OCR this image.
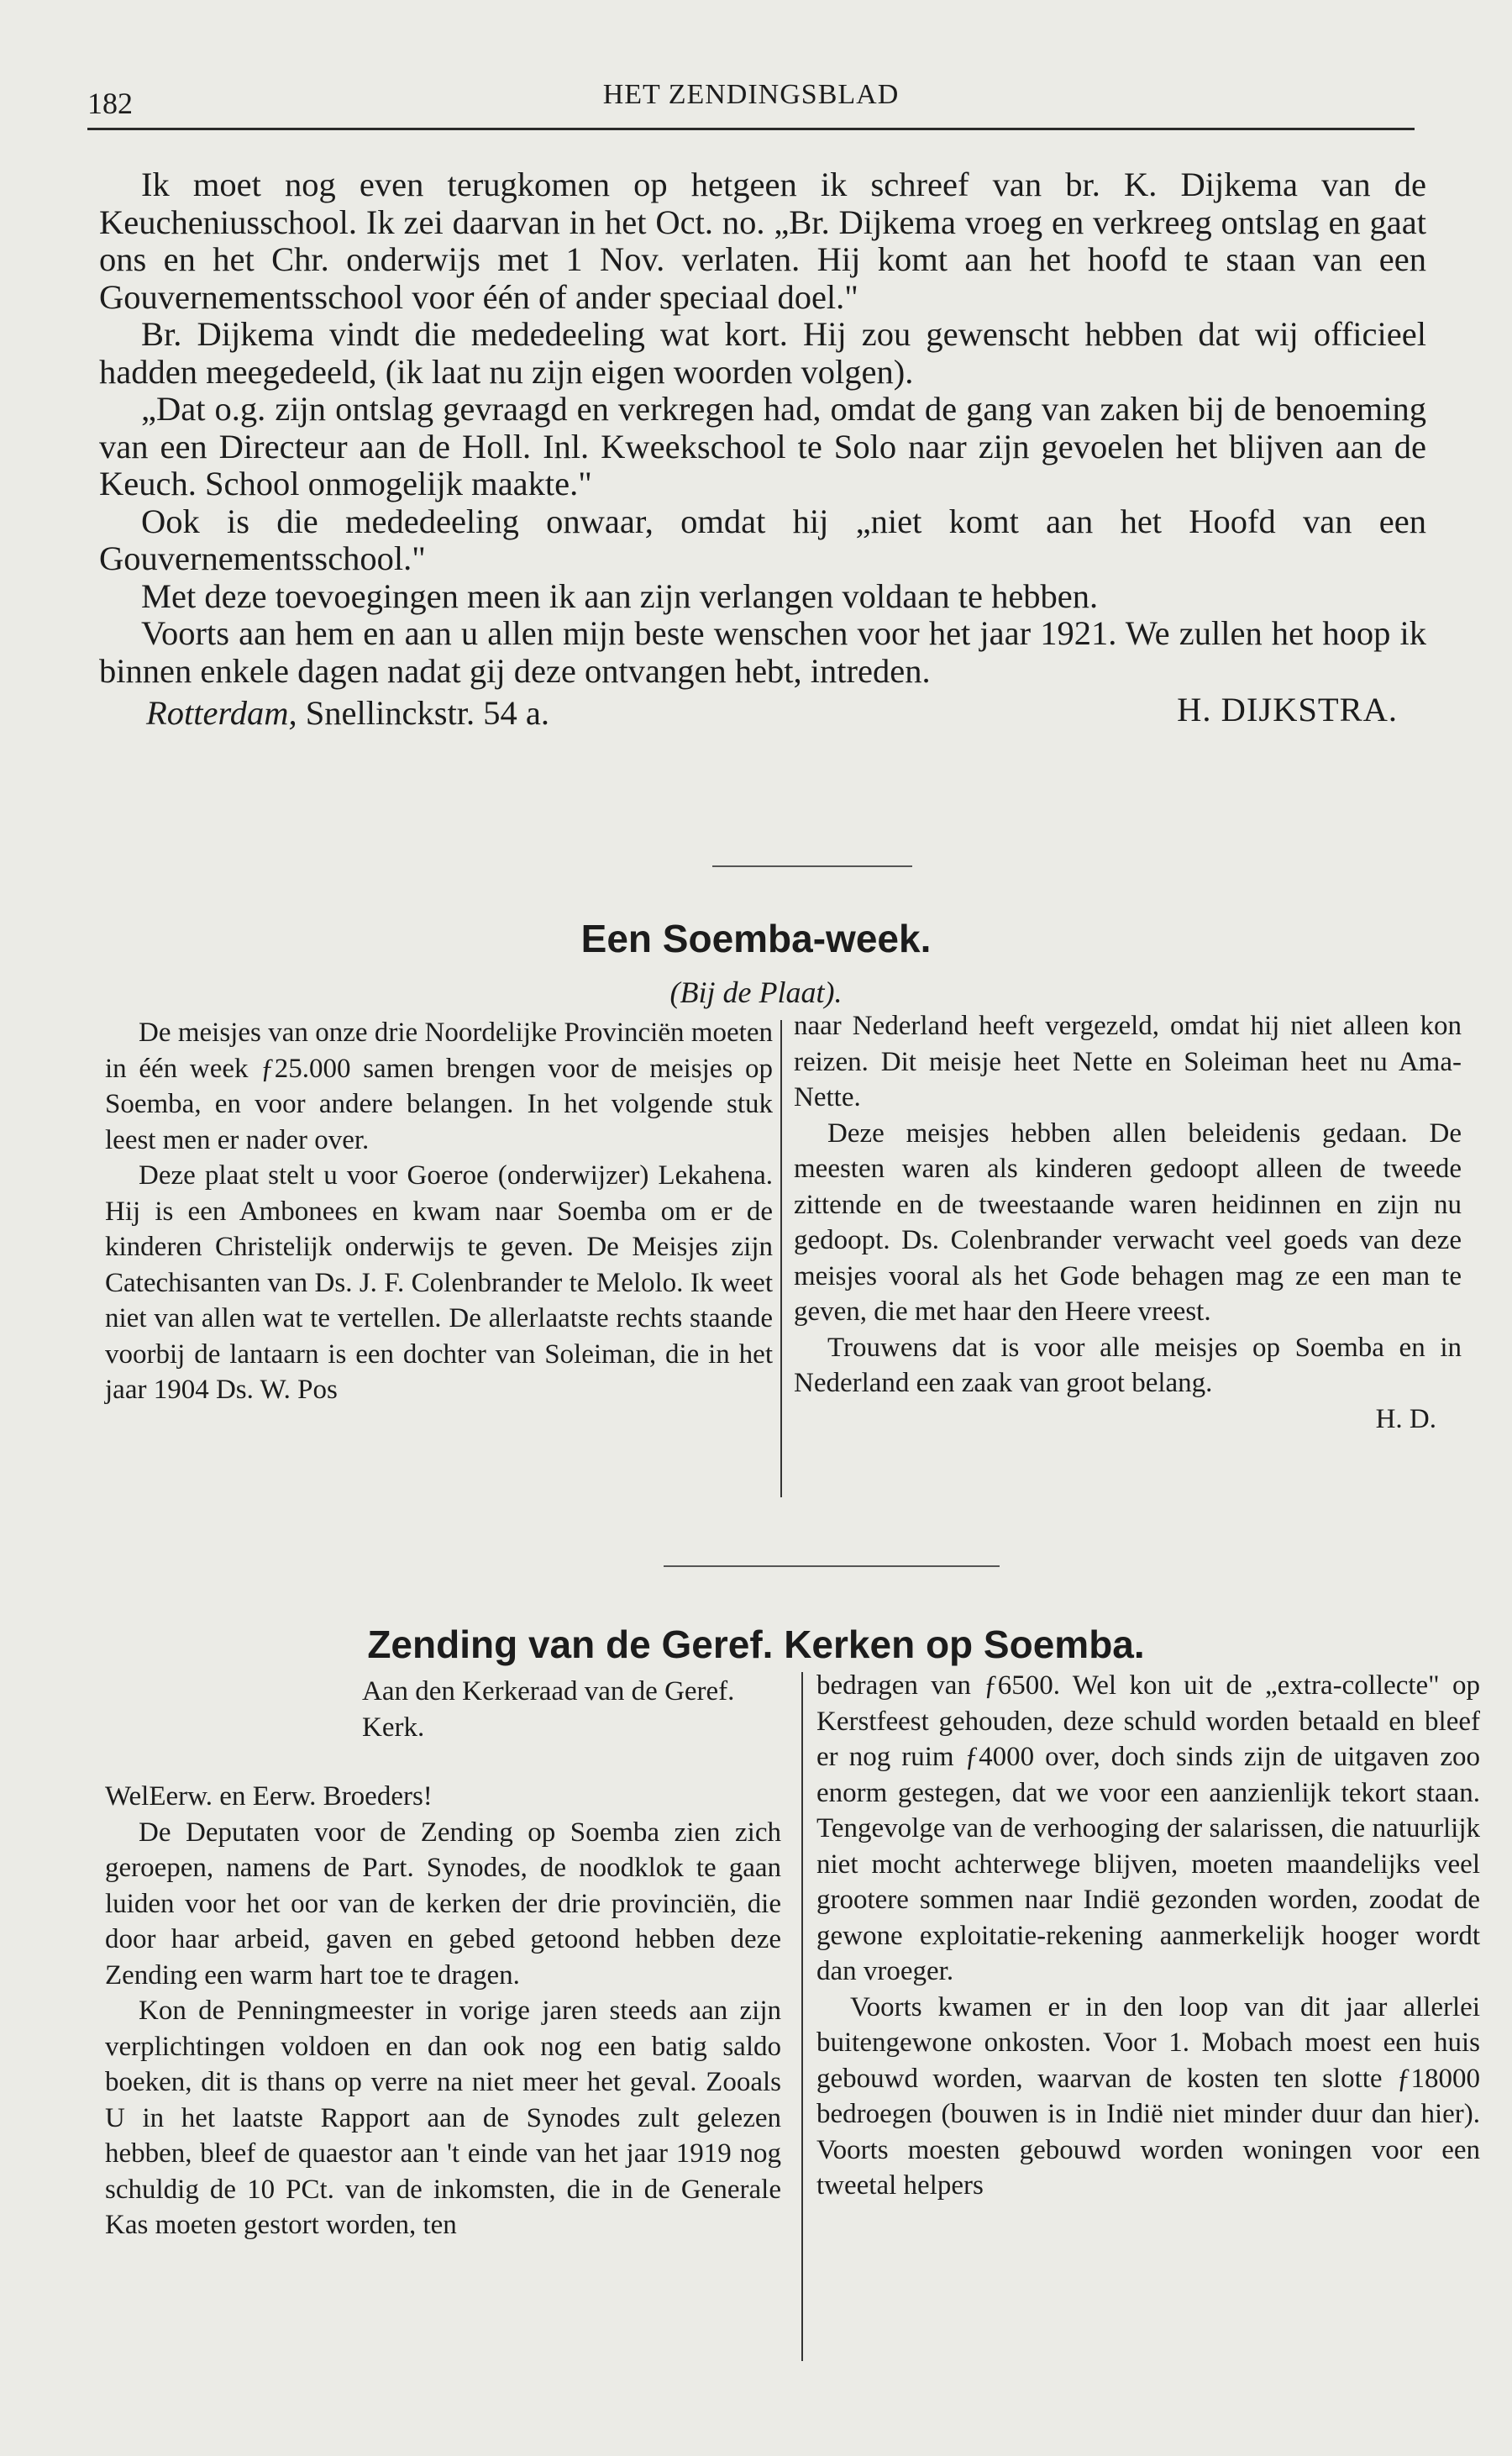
182	HET ZENDINGSBLAD

Ik moet nog even terugkomen op hetgeen ik schreef van br. K. Dijkema van de Keucheniusschool. Ik zei daarvan in het Oct. no. „Br. Dijkema vroeg en verkreeg ontslag en gaat ons en het Chr. onderwijs met 1 Nov. verlaten. Hij komt aan het hoofd te staan van een Gouvernementsschool voor één of ander speciaal doel."

Br. Dijkema vindt die mededeeling wat kort. Hij zou gewenscht hebben dat wij officieel hadden meegedeeld, (ik laat nu zijn eigen woorden volgen).

„Dat o.g. zijn ontslag gevraagd en verkregen had, omdat de gang van zaken bij de benoeming van een Directeur aan de Holl. Inl. Kweekschool te Solo naar zijn gevoelen het blijven aan de Keuch. School onmogelijk maakte."

Ook is die mededeeling onwaar, omdat hij „niet komt aan het Hoofd van een Gouvernementsschool."

Met deze toevoegingen meen ik aan zijn verlangen voldaan te hebben.

Voorts aan hem en aan u allen mijn beste wenschen voor het jaar 1921. We zullen het hoop ik binnen enkele dagen nadat gij deze ontvangen hebt, intreden.

Rotterdam, Snellinckstr. 54 a.	H. DIJKSTRA.
Een Soemba-week.
(Bij de Plaat).

De meisjes van onze drie Noordelijke Provinciën moeten in één week ƒ25.000 samen brengen voor de meisjes op Soemba, en voor andere belangen. In het volgende stuk leest men er nader over.

Deze plaat stelt u voor Goeroe (onderwijzer) Lekahena. Hij is een Ambonees en kwam naar Soemba om er de kinderen Christelijk onderwijs te geven. De Meisjes zijn Catechisanten van Ds. J. F. Colenbrander te Melolo. Ik weet niet van allen wat te vertellen. De allerlaatste rechts staande voorbij de lantaarn is een dochter van Soleiman, die in het jaar 1904 Ds. W. Pos

naar Nederland heeft vergezeld, omdat hij niet alleen kon reizen. Dit meisje heet Nette en Soleiman heet nu Ama-Nette.

Deze meisjes hebben allen beleidenis gedaan. De meesten waren als kinderen gedoopt alleen de tweede zittende en de tweestaande waren heidinnen en zijn nu gedoopt. Ds. Colenbrander verwacht veel goeds van deze meisjes vooral als het Gode behagen mag ze een man te geven, die met haar den Heere vreest.

Trouwens dat is voor alle meisjes op Soemba en in Nederland een zaak van groot belang.

H. D.

Zending van de Geref. Kerken op Soemba.

Aan den Kerkeraad van de Geref. Kerk.

WelEerw. en Eerw. Broeders!

De Deputaten voor de Zending op Soemba zien zich geroepen, namens de Part. Synodes, de noodklok te gaan luiden voor het oor van de kerken der drie provinciën, die door haar arbeid, gaven en gebed getoond hebben deze Zending een warm hart toe te dragen.

Kon de Penningmeester in vorige jaren steeds aan zijn verplichtingen voldoen en dan ook nog een batig saldo boeken, dit is thans op verre na niet meer het geval. Zooals U in het laatste Rapport aan de Synodes zult gelezen hebben, bleef de quaestor aan 't einde van het jaar 1919 nog schuldig de 10 PCt. van de inkomsten, die in de Generale Kas moeten gestort worden, ten

bedragen van ƒ6500. Wel kon uit de „extra-collecte" op Kerstfeest gehouden, deze schuld worden betaald en bleef er nog ruim ƒ4000 over, doch sinds zijn de uitgaven zoo enorm gestegen, dat we voor een aanzienlijk tekort staan. Tengevolge van de verhooging der salarissen, die natuurlijk niet mocht achterwege blijven, moeten maandelijks veel grootere sommen naar Indië gezonden worden, zoodat de gewone exploitatie-rekening aanmerkelijk hooger wordt dan vroeger.

Voorts kwamen er in den loop van dit jaar allerlei buitengewone onkosten. Voor 1. Mobach moest een huis gebouwd worden, waarvan de kosten ten slotte ƒ18000 bedroegen (bouwen is in Indië niet minder duur dan hier). Voorts moesten gebouwd worden woningen voor een tweetal helpers
